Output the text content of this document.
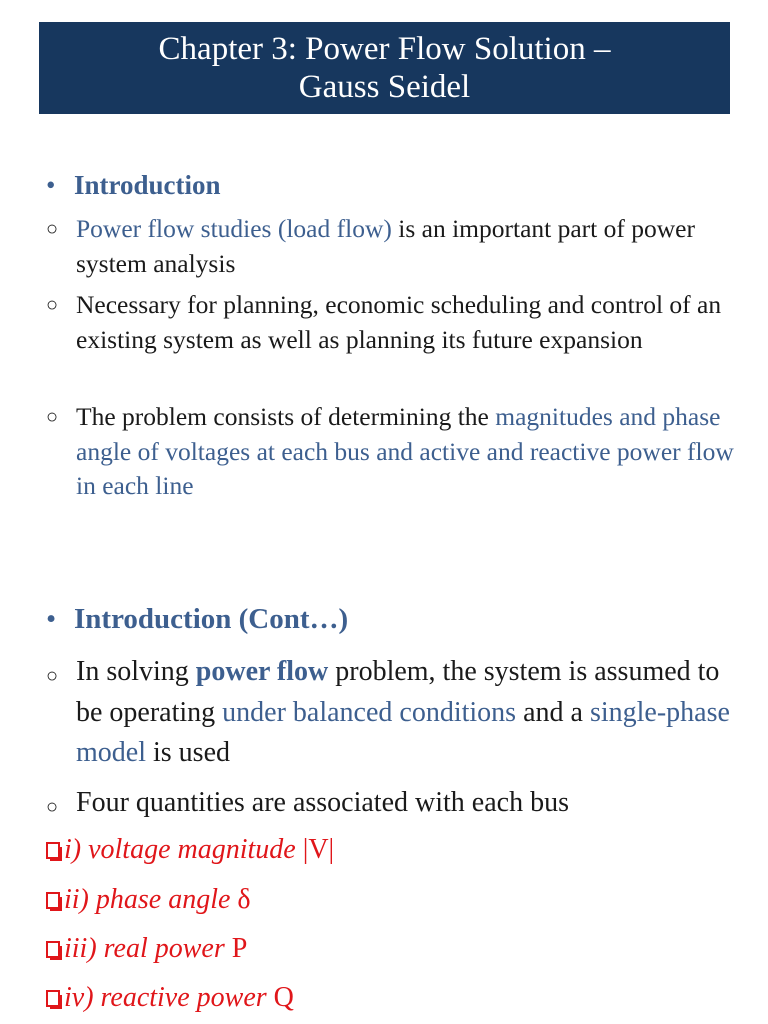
Chapter 3: Power Flow Solution –
Gauss Seidel
• Introduction
○ Power flow studies (load flow) is an important part of power system analysis
○ Necessary for planning, economic scheduling and control of an existing system as well as planning its future expansion
○ The problem consists of determining the magnitudes and phase angle of voltages at each bus and active and reactive power flow in each line
• Introduction (Cont…)
○ In solving power flow problem, the system is assumed to be operating under balanced conditions and a single-phase model is used
○ Four quantities are associated with each bus
i) voltage magnitude |V|
ii) phase angle δ
iii) real power P
iv) reactive power Q
